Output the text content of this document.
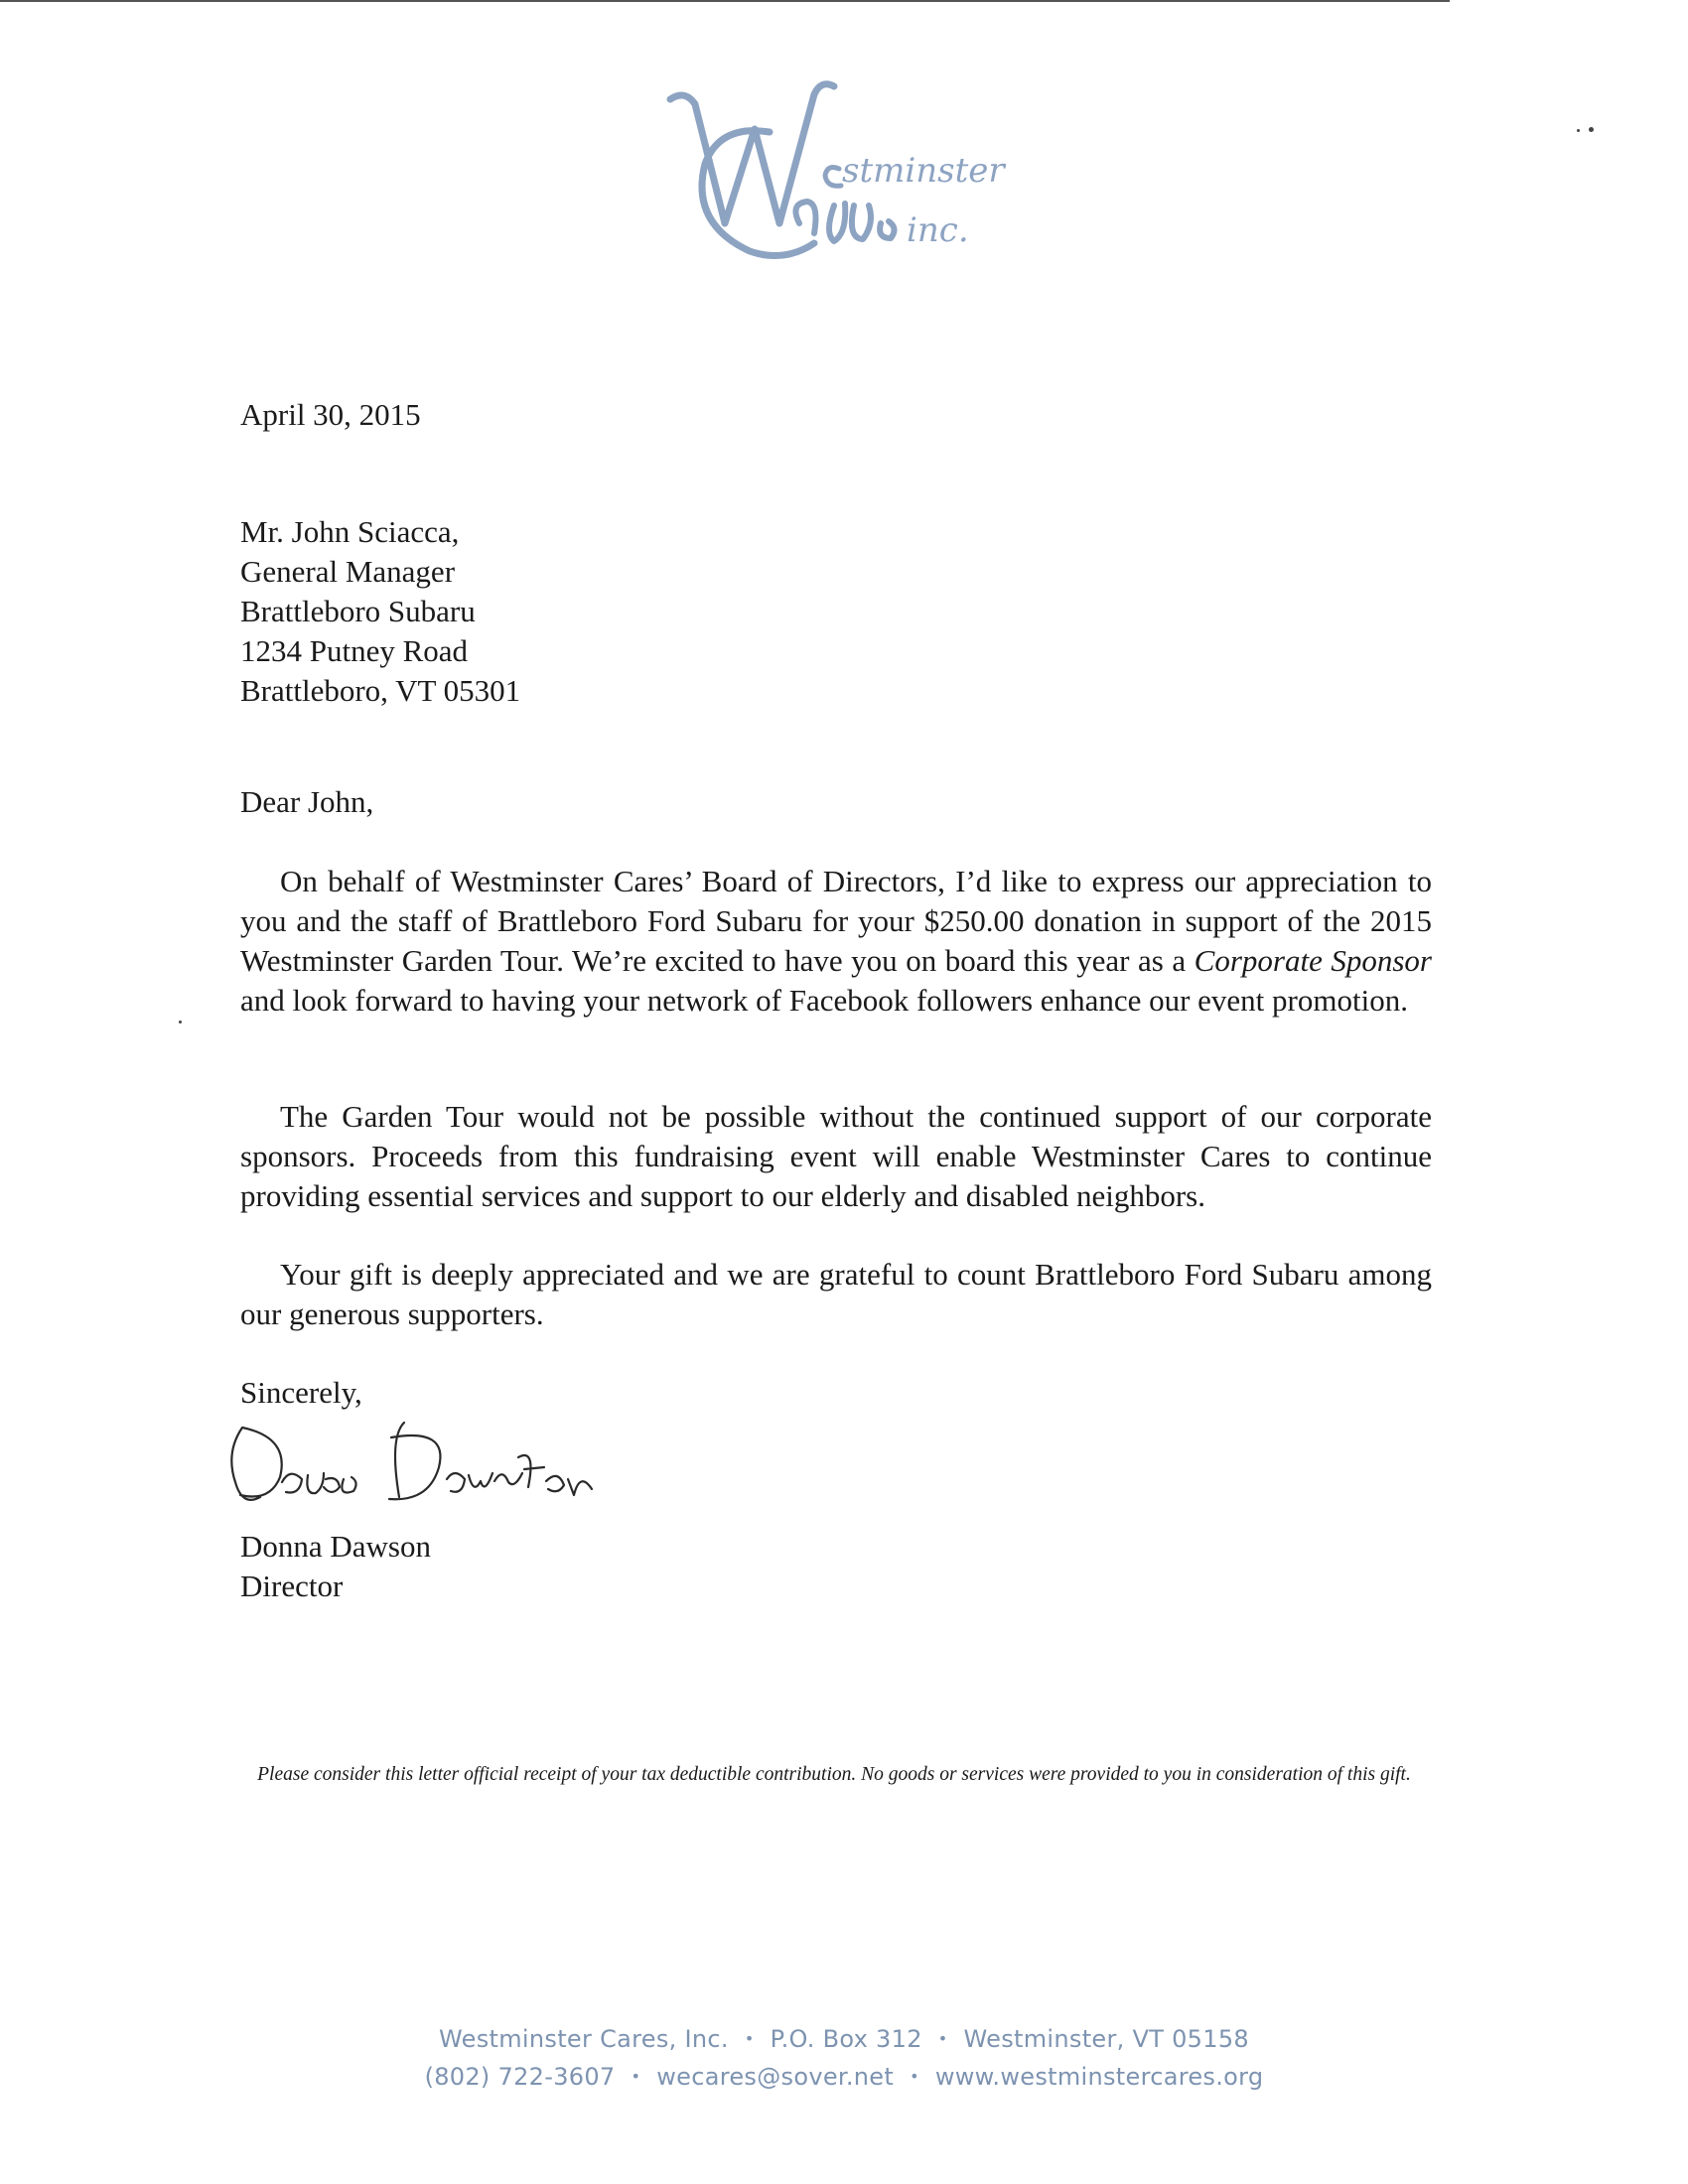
stminster
inc.
April 30, 2015
Mr. John Sciacca,
General Manager
Brattleboro Subaru
1234 Putney Road
Brattleboro, VT 05301
Dear John,
On behalf of Westminster Cares’ Board of Directors, I’d like to express our appreciation to you and the staff of Brattleboro Ford Subaru for your $250.00 donation in support of the 2015 Westminster Garden Tour. We’re excited to have you on board this year as a Corporate Sponsor and look forward to having your network of Facebook followers enhance our event promotion.
The Garden Tour would not be possible without the continued support of our corporate sponsors. Proceeds from this fundraising event will enable Westminster Cares to continue providing essential services and support to our elderly and disabled neighbors.
Your gift is deeply appreciated and we are grateful to count Brattleboro Ford Subaru among our generous supporters.
Sincerely,
Donna Dawson
Director
Please consider this letter official receipt of your tax deductible contribution. No goods or services were provided to you in consideration of this gift.
Westminster Cares, Inc. • P.O. Box 312 • Westminster, VT 05158
(802) 722-3607 • wecares@sover.net • www.westminstercares.org
